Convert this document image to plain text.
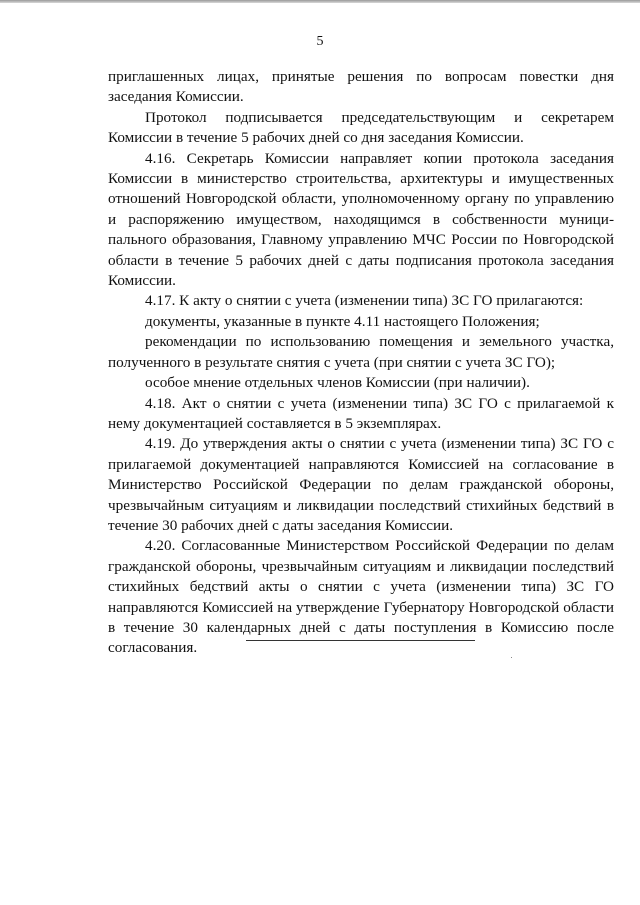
5

приглашенных лицах, принятые решения по вопросам повестки дня заседания Комиссии.

Протокол подписывается председательствующим и секретарем Комиссии в течение 5 рабочих дней со дня заседания Комиссии.

4.16. Секретарь Комиссии направляет копии протокола заседания Комиссии в министерство строительства, архитектуры и имущественных отношений Новгородской области, уполномоченному органу по управлению и распоряжению имуществом, находящимся в собственности муниципального образования, Главному управлению МЧС России по Новгородской области в течение 5 рабочих дней с даты подписания протокола заседания Комиссии.

4.17. К акту о снятии с учета (изменении типа) ЗС ГО прилагаются:

документы, указанные в пункте 4.11 настоящего Положения;

рекомендации по использованию помещения и земельного участка, полученного в результате снятия с учета (при снятии с учета ЗС ГО);

особое мнение отдельных членов Комиссии (при наличии).

4.18. Акт о снятии с учета (изменении типа) ЗС ГО с прилагаемой к нему документацией составляется в 5 экземплярах.

4.19. До утверждения акты о снятии с учета (изменении типа) ЗС ГО с прилагаемой документацией направляются Комиссией на согласование в Министерство Российской Федерации по делам гражданской обороны, чрезвычайным ситуациям и ликвидации последствий стихийных бедствий в течение 30 рабочих дней с даты заседания Комиссии.

4.20. Согласованные Министерством Российской Федерации по делам гражданской обороны, чрезвычайным ситуациям и ликвидации последствий стихийных бедствий акты о снятии с учета (изменении типа) ЗС ГО направляются Комиссией на утверждение Губернатору Новгородской области в течение 30 календарных дней с даты поступления в Комиссию после согласования.
